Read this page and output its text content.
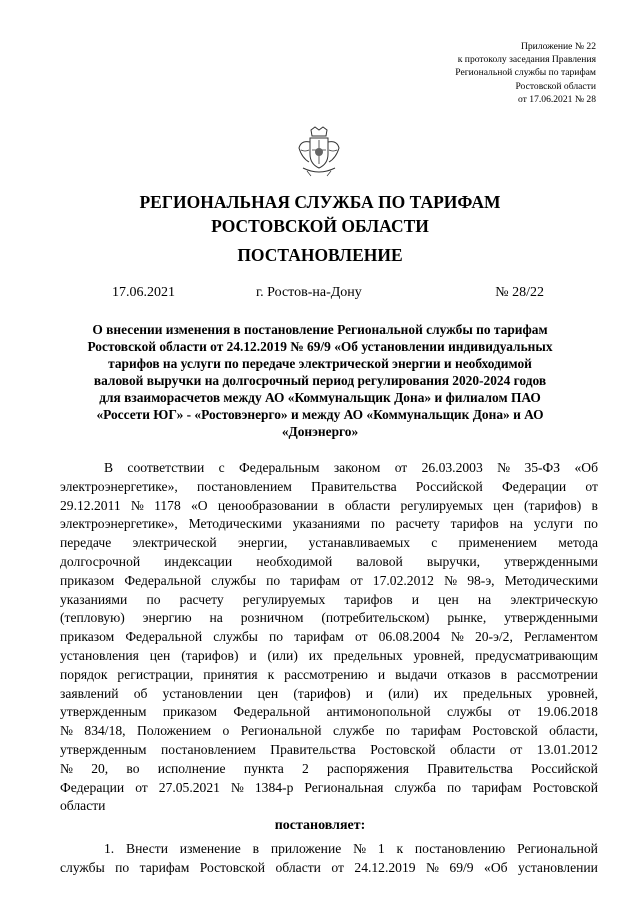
Приложение № 22
к протоколу заседания Правления
Региональной службы по тарифам
Ростовской области
от 17.06.2021 № 28
РЕГИОНАЛЬНАЯ СЛУЖБА ПО ТАРИФАМ
РОСТОВСКОЙ ОБЛАСТИ
ПОСТАНОВЛЕНИЕ
17.06.2021	г. Ростов-на-Дону	№ 28/22
О внесении изменения в постановление Региональной службы по тарифам
Ростовской области от 24.12.2019 № 69/9 «Об установлении индивидуальных
тарифов на услуги по передаче электрической энергии и необходимой
валовой выручки на долгосрочный период регулирования 2020-2024 годов
для взаиморасчетов между АО «Коммунальщик Дона» и филиалом ПАО
«Россети ЮГ» - «Ростовэнерго» и между АО «Коммунальщик Дона» и АО
«Донэнерго»
В соответствии с Федеральным законом от 26.03.2003 № 35-ФЗ «Об
электроэнергетике», постановлением Правительства Российской Федерации от
29.12.2011 № 1178 «О ценообразовании в области регулируемых цен (тарифов) в
электроэнергетике», Методическими указаниями по расчету тарифов на услуги по
передаче электрической энергии, устанавливаемых с применением метода
долгосрочной индексации необходимой валовой выручки, утвержденными
приказом Федеральной службы по тарифам от 17.02.2012 № 98-э, Методическими
указаниями по расчету регулируемых тарифов и цен на электрическую
(тепловую) энергию на розничном (потребительском) рынке, утвержденными
приказом Федеральной службы по тарифам от 06.08.2004 № 20-э/2, Регламентом
установления цен (тарифов) и (или) их предельных уровней, предусматривающим
порядок регистрации, принятия к рассмотрению и выдачи отказов в рассмотрении
заявлений об установлении цен (тарифов) и (или) их предельных уровней,
утвержденным приказом Федеральной антимонопольной службы от 19.06.2018
№ 834/18, Положением о Региональной службе по тарифам Ростовской области,
утвержденным постановлением Правительства Ростовской области от 13.01.2012
№ 20, во исполнение пункта 2 распоряжения Правительства Российской
Федерации от 27.05.2021 № 1384-р Региональная служба по тарифам Ростовской
области
постановляет:
1. Внести изменение в приложение № 1 к постановлению Региональной
службы по тарифам Ростовской области от 24.12.2019 № 69/9 «Об установлении
